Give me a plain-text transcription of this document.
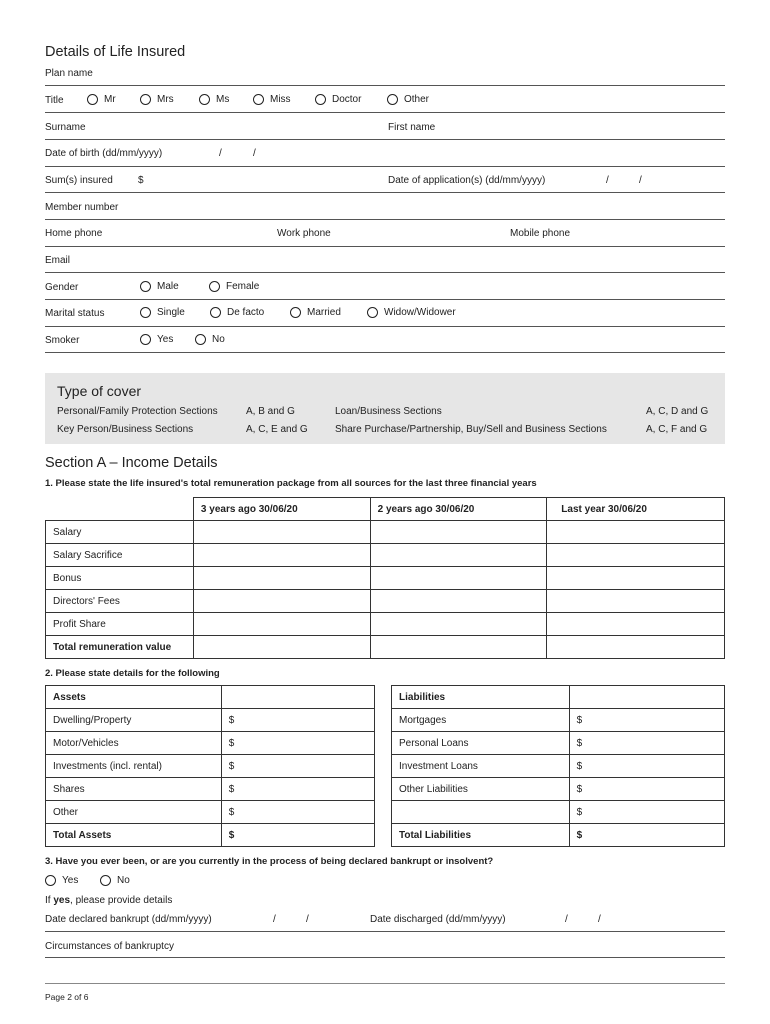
Details of Life Insured
Plan name
Title	Mr	Mrs	Ms	Miss	Doctor	Other
Surname	First name
Date of birth (dd/mm/yyyy)	/	/
Sum(s) insured	$	Date of application(s) (dd/mm/yyyy)	/	/
Member number
Home phone	Work phone	Mobile phone
Email
Gender	Male	Female
Marital status	Single	De facto	Married	Widow/Widower
Smoker	Yes	No
Type of cover
Personal/Family Protection Sections	A, B and G	Loan/Business Sections	A, C, D and G
Key Person/Business Sections	A, C, E and G	Share Purchase/Partnership, Buy/Sell and Business Sections	A, C, F and G
Section A – Income Details
1. Please state the life insured's total remuneration package from all sources for the last three financial years
	3 years ago 30/06/20	2 years ago 30/06/20	Last year 30/06/20
Salary			
Salary Sacrifice			
Bonus			
Directors' Fees			
Profit Share			
Total remuneration value			
2. Please state details for the following
Assets	
Dwelling/Property	$
Motor/Vehicles	$
Investments (incl. rental)	$
Shares	$
Other	$
Total Assets	$
Liabilities	
Mortgages	$
Personal Loans	$
Investment Loans	$
Other Liabilities	$
	$
Total Liabilities	$
3. Have you ever been, or are you currently in the process of being declared bankrupt or insolvent?
Yes	No
If yes, please provide details
Date declared bankrupt (dd/mm/yyyy)	/	/	Date discharged (dd/mm/yyyy)	/	/
Circumstances of bankruptcy
Page 2 of 6
